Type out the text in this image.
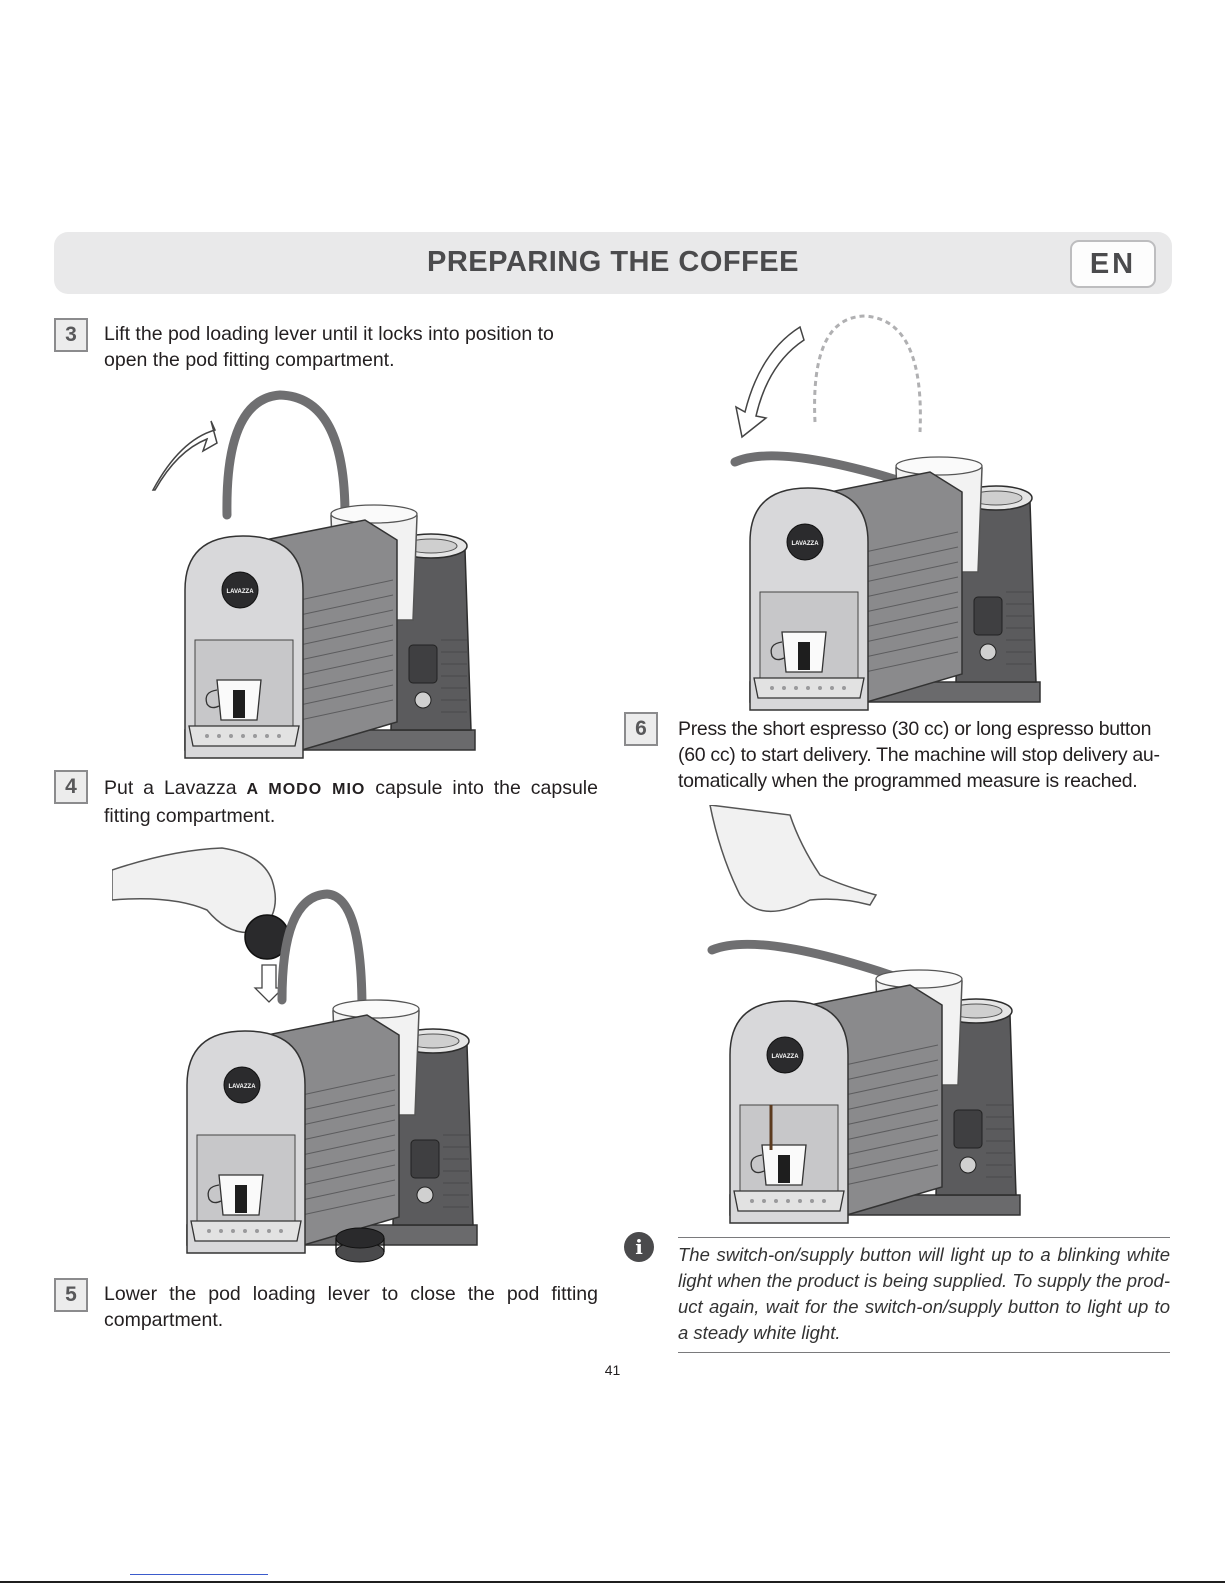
PREPARING THE COFFEE	EN
3	Lift the pod loading lever until it locks into position to open the pod fitting compartment.
4	Put a Lavazza A MODO MIO capsule into the capsule fitting compartment.
5	Lower the pod loading lever to close the pod fitting compartment.
6	Press the short espresso (30 cc) or long espresso button (60 cc) to start delivery. The machine will stop delivery au-tomatically when the programmed measure is reached.
i	The switch-on/supply button will light up to a blinking white light when the product is being supplied. To supply the prod-uct again, wait for the switch-on/supply button to light up to a steady white light.
41
